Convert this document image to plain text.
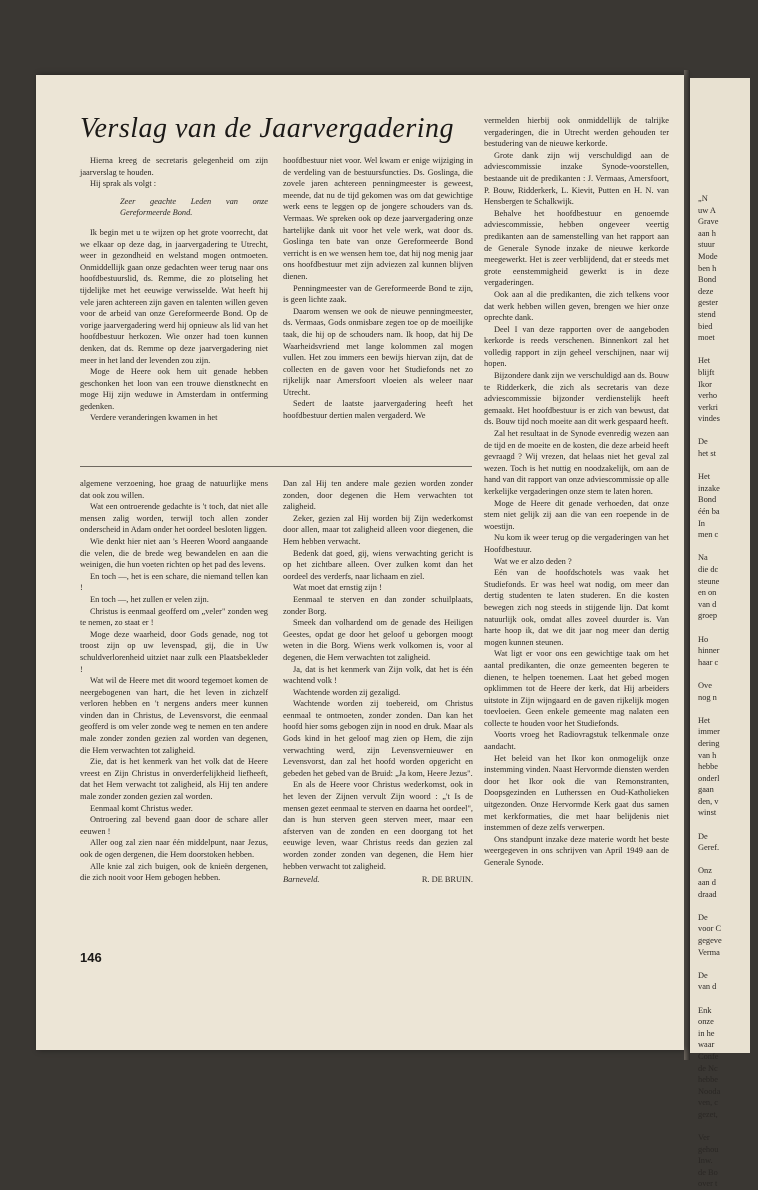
„N
uw A
Grave
aan h
stuur
Mode
ben h
Bond
deze
gester
stend
bied
moet
Het
blijft
Ikor
verho
verkri
vindes
De
het st
Het
inzake
Bond
één ba
In
men c
Na
die dc
steune
en on
van d
groep
Ho
hinner
haar c
Ove
nog n
Het
immer
dering
van h
hebbe
onderl
gaan
den, v
winst
De
Geref.
Onz
aan d
draad
De
voor C
gegeve
Verma
De
van d
Enk
onze
in he
waar
Confe
de Nc
hebbe
Nooda
ven, c
gezet,
Ver
gehou
Inw.
de Bo
over t
Verslag van de Jaarvergadering

Hierna kreeg de secretaris gelegenheid om zijn jaarverslag te houden.

Hij sprak als volgt :

Zeer geachte Leden van onze Gereformeerde Bond.

Ik begin met u te wijzen op het grote voorrecht, dat we elkaar op deze dag, in jaarvergadering te Utrecht, weer in gezondheid en welstand mogen ontmoeten. Onmiddellijk gaan onze gedachten weer terug naar ons hoofdbestuurslid, ds. Remme, die zo plotseling het tijdelijke met het eeuwige verwisselde. Wat heeft hij vele jaren achtereen zijn gaven en talenten willen geven voor de arbeid van onze Gereformeerde Bond. Op de vorige jaarvergadering werd hij opnieuw als lid van het hoofdbestuur herkozen. Wie onzer had toen kunnen denken, dat ds. Remme op deze jaarvergadering niet meer in het land der levenden zou zijn.

Moge de Heere ook hem uit genade hebben geschonken het loon van een trouwe dienstknecht en moge Hij zijn weduwe in Amsterdam in ontferming gedenken.

Verdere veranderingen kwamen in het

hoofdbestuur niet voor. Wel kwam er enige wijziging in de verdeling van de bestuursfuncties. Ds. Goslinga, die zovele jaren achtereen penningmeester is geweest, meende, dat nu de tijd gekomen was om dat gewichtige werk eens te leggen op de jongere schouders van ds. Vermaas. We spreken ook op deze jaarvergadering onze hartelijke dank uit voor het vele werk, wat door ds. Goslinga ten bate van onze Gereformeerde Bond verricht is en we wensen hem toe, dat hij nog menig jaar ons hoofdbestuur met zijn adviezen zal kunnen blijven dienen.

Penningmeester van de Gereformeerde Bond te zijn, is geen lichte zaak.

Daarom wensen we ook de nieuwe penningmeester, ds. Vermaas, Gods onmisbare zegen toe op de moeilijke taak, die hij op de schouders nam. Ik hoop, dat hij De Waarheidsvriend met lange kolommen zal mogen vullen. Het zou immers een bewijs hiervan zijn, dat de collecten en de gaven voor het Studiefonds net zo rijkelijk naar Amersfoort vloeien als weleer naar Utrecht.

Sedert de laatste jaarvergadering heeft het hoofdbestuur dertien malen vergaderd. We

vermelden hierbij ook onmiddellijk de talrijke vergaderingen, die in Utrecht werden gehouden ter bestudering van de nieuwe kerkorde.

Grote dank zijn wij verschuldigd aan de adviescommissie inzake Synode-voorstellen, bestaande uit de predikanten : J. Vermaas, Amersfoort, P. Bouw, Ridderkerk, L. Kievit, Putten en H. N. van Hensbergen te Schalkwijk.

Behalve het hoofdbestuur en genoemde adviescommissie, hebben ongeveer veertig predikanten aan de samenstelling van het rapport aan de Generale Synode inzake de nieuwe kerkorde meegewerkt. Het is zeer verblijdend, dat er steeds met grote eenstemmigheid gewerkt is in deze vergaderingen.

Ook aan al die predikanten, die zich telkens voor dat werk hebben willen geven, brengen we hier onze oprechte dank.

Deel I van deze rapporten over de aangeboden kerkorde is reeds verschenen. Binnenkort zal het volledig rapport in zijn geheel verschijnen, naar wij hopen.

Bijzondere dank zijn we verschuldigd aan ds. Bouw te Ridderkerk, die zich als secretaris van deze adviescommissie bijzonder verdienstelijk heeft gemaakt. Het hoofdbestuur is er zich van bewust, dat ds. Bouw tijd noch moeite aan dit werk gespaard heeft.

Zal het resultaat in de Synode evenredig wezen aan de tijd en de moeite en de kosten, die deze arbeid heeft gevraagd ? Wij vrezen, dat helaas niet het geval zal wezen. Toch is het nuttig en noodzakelijk, om aan de hand van dit rapport van onze adviescommissie op alle kerkelijke vergaderingen onze stem te laten horen.

Moge de Heere dit genade verhoeden, dat onze stem niet gelijk zij aan die van een roepende in de woestijn.

Nu kom ik weer terug op die vergaderingen van het Hoofdbestuur.

Wat we er alzo deden ?

Eén van de hoofdschotels was vaak het Studiefonds. Er was heel wat nodig, om meer dan dertig studenten te laten studeren. En die kosten bewegen zich nog steeds in stijgende lijn. Dat komt natuurlijk ook, omdat alles zoveel duurder is. Van harte hoop ik, dat we dit jaar nog meer dan dertig mogen kunnen steunen.

Wat ligt er voor ons een gewichtige taak om het aantal predikanten, die onze gemeenten begeren te dienen, te helpen toenemen. Laat het gebed mogen opklimmen tot de Heere der kerk, dat Hij arbeiders uitstote in Zijn wijngaard en de gaven rijkelijk mogen toevloeien. Geen enkele gemeente mag nalaten een collecte te houden voor het Studiefonds.

Voorts vroeg het Radiovragstuk telkenmale onze aandacht.

Het beleid van het Ikor kon onmogelijk onze instemming vinden. Naast Hervormde diensten werden door het Ikor ook die van Remonstranten, Doopsgezinden en Lutherssen en Oud-Katholieken uitgezonden. Onze Hervormde Kerk gaat dus samen met kerkformaties, die met haar belijdenis niet instemmen of deze zelfs verwerpen.

Ons standpunt inzake deze materie wordt het beste weergegeven in ons schrijven van April 1949 aan de Generale Synode.

algemene verzoening, hoe graag de natuurlijke mens dat ook zou willen.

Wat een ontroerende gedachte is 't toch, dat niet alle mensen zalig worden, terwijl toch allen zonder onderscheid in Adam onder het oordeel besloten liggen.

Wie denkt hier niet aan 's Heeren Woord aangaande die velen, die de brede weg bewandelen en aan die weinigen, die hun voeten richten op het pad des levens.

En toch —, het is een schare, die niemand tellen kan !

En toch —, het zullen er velen zijn.

Christus is eenmaal geofferd om „veler" zonden weg te nemen, zo staat er !

Moge deze waarheid, door Gods genade, nog tot troost zijn op uw levenspad, gij, die in Uw schuldverlorenheid uitziet naar zulk een Plaatsbekleder !

Wat wil de Heere met dit woord tegemoet komen de neergebogenen van hart, die het leven in zichzelf verloren hebben en 't nergens anders meer kunnen vinden dan in Christus, de Levensvorst, die eenmaal geofferd is om veler zonde weg te nemen en ten andere male zonder zonden gezien zal worden van degenen, die Hem verwachten tot zaligheid.

Zie, dat is het kenmerk van het volk dat de Heere vreest en Zijn Christus in onverderfelijkheid liefheeft, dat het Hem verwacht tot zaligheid, als Hij ten andere male zonder zonden gezien zal worden.

Eenmaal komt Christus weder.

Ontroering zal bevend gaan door de schare aller eeuwen !

Aller oog zal zien naar één middelpunt, naar Jezus, ook de ogen dergenen, die Hem doorstoken hebben.

Alle knie zal zich buigen, ook de knieën dergenen, die zich nooit voor Hem gebogen hebben.

Dan zal Hij ten andere male gezien worden zonder zonden, door degenen die Hem verwachten tot zaligheid.

Zeker, gezien zal Hij worden bij Zijn wederkomst door allen, maar tot zaligheid alleen voor diegenen, die Hem hebben verwacht.

Bedenk dat goed, gij, wiens verwachting gericht is op het zichtbare alleen. Over zulken komt dan het oordeel des verderfs, naar lichaam en ziel.

Wat moet dat ernstig zijn !

Eenmaal te sterven en dan zonder schuilplaats, zonder Borg.

Smeek dan volhardend om de genade des Heiligen Geestes, opdat ge door het geloof u geborgen moogt weten in die Borg. Wiens werk volkomen is, voor al degenen, die Hem verwachten tot zaligheid.

Ja, dat is het kenmerk van Zijn volk, dat het is één wachtend volk !

Wachtende worden zij gezaligd.

Wachtende worden zij toebereid, om Christus eenmaal te ontmoeten, zonder zonden. Dan kan het hoofd hier soms gebogen zijn in nood en druk. Maar als Gods kind in het geloof mag zien op Hem, die zijn verwachting werd, zijn Levensvernieuwer en Levensvorst, dan zal het hoofd worden opgericht en gebeden het gebed van de Bruid: „Ja kom, Heere Jezus".

En als de Heere voor Christus wederkomst, ook in het leven der Zijnen vervult Zijn woord : „'t Is de mensen gezet eenmaal te sterven en daarna het oordeel", dan is hun sterven geen sterven meer, maar een afsterven van de zonden en een doorgang tot het eeuwige leven, waar Christus reeds dan gezien zal worden zonder zonden van degenen, die Hem hier hebben verwacht tot zaligheid.

Barneveld.	R. DE BRUIN.

146
